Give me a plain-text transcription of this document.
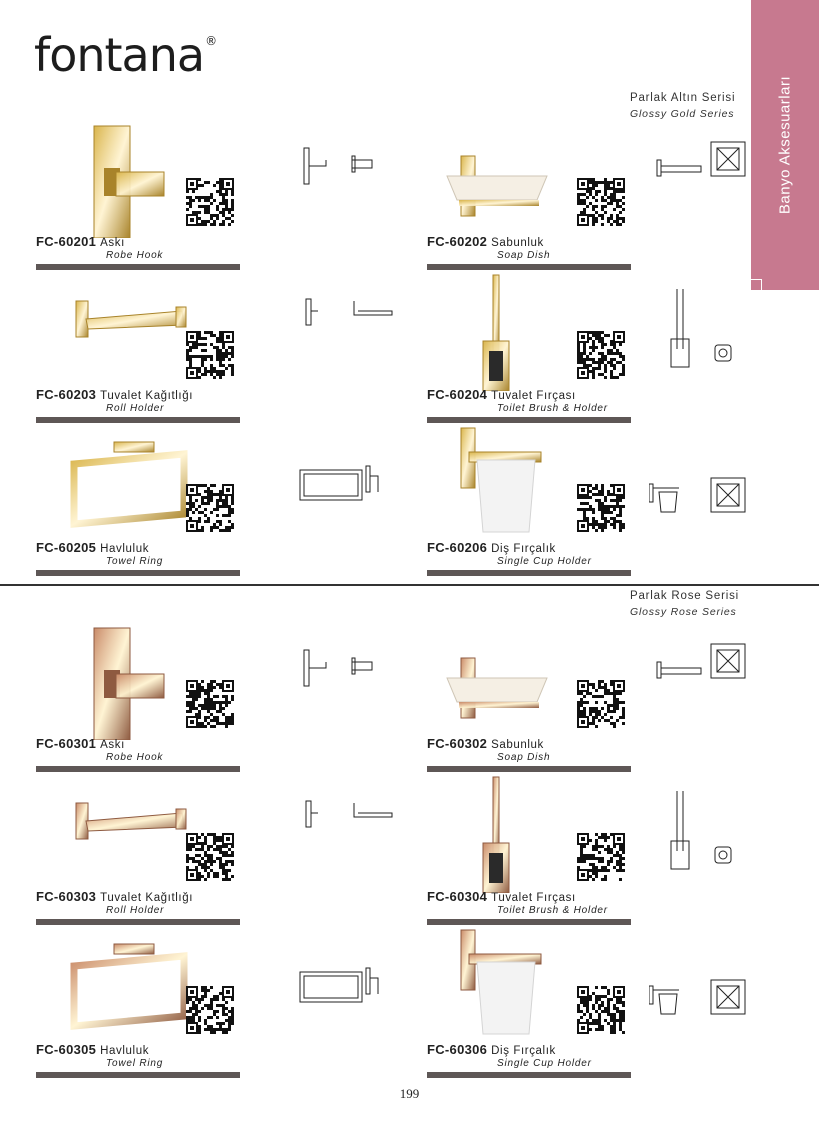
fontana®
Banyo Aksesuarları
Parlak Altın Serisi
Glossy Gold Series
Parlak Rose Serisi
Glossy Rose Series
FC-60201 Askı
Robe Hook
FC-60202 Sabunluk
Soap Dish
FC-60203 Tuvalet Kağıtlığı
Roll Holder
FC-60204 Tuvalet Fırçası
Toilet Brush & Holder
FC-60205 Havluluk
Towel Ring
FC-60206 Diş Fırçalık
Single Cup Holder
FC-60301 Askı
Robe Hook
FC-60302 Sabunluk
Soap Dish
FC-60303 Tuvalet Kağıtlığı
Roll Holder
FC-60304 Tuvalet Fırçası
Toilet Brush & Holder
FC-60305 Havluluk
Towel Ring
FC-60306 Diş Fırçalık
Single Cup Holder
199
